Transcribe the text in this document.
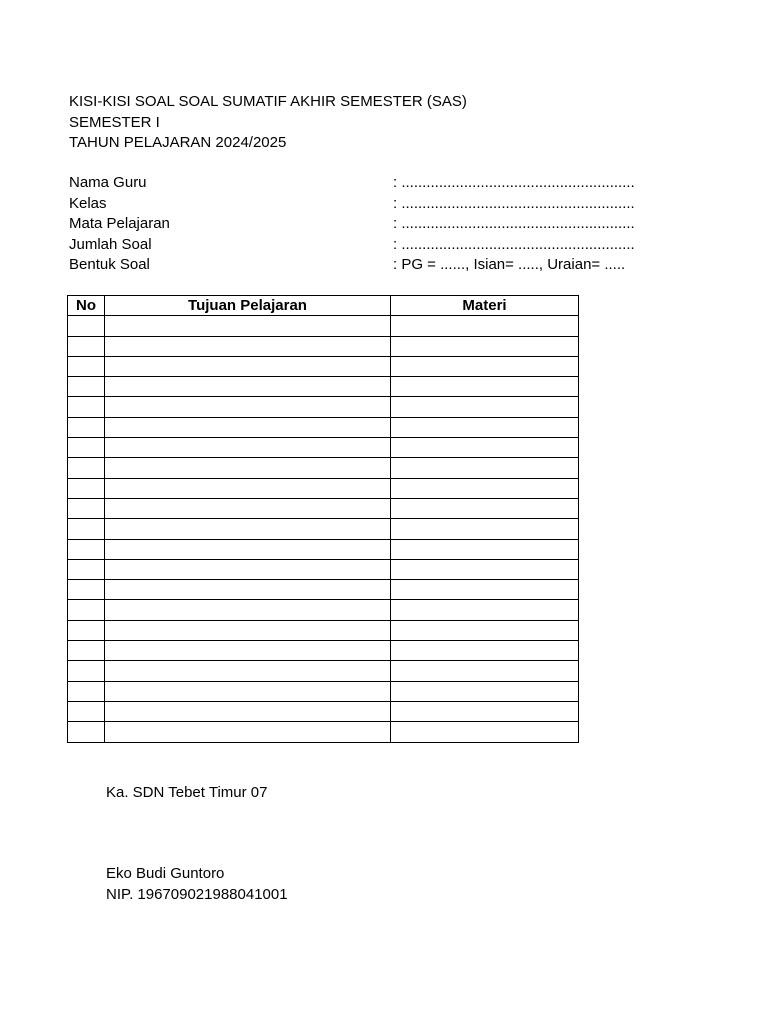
KISI-KISI SOAL SOAL SUMATIF AKHIR SEMESTER (SAS)
SEMESTER I
TAHUN PELAJARAN 2024/2025
Nama Guru	: ........................................................
Kelas	: ........................................................
Mata Pelajaran	: ........................................................
Jumlah Soal	: ........................................................
Bentuk Soal	: PG = ......, Isian= ....., Uraian= .....
No	Tujuan Pelajaran	Materi

Ka. SDN Tebet Timur 07
Eko Budi Guntoro
NIP. 196709021988041001
